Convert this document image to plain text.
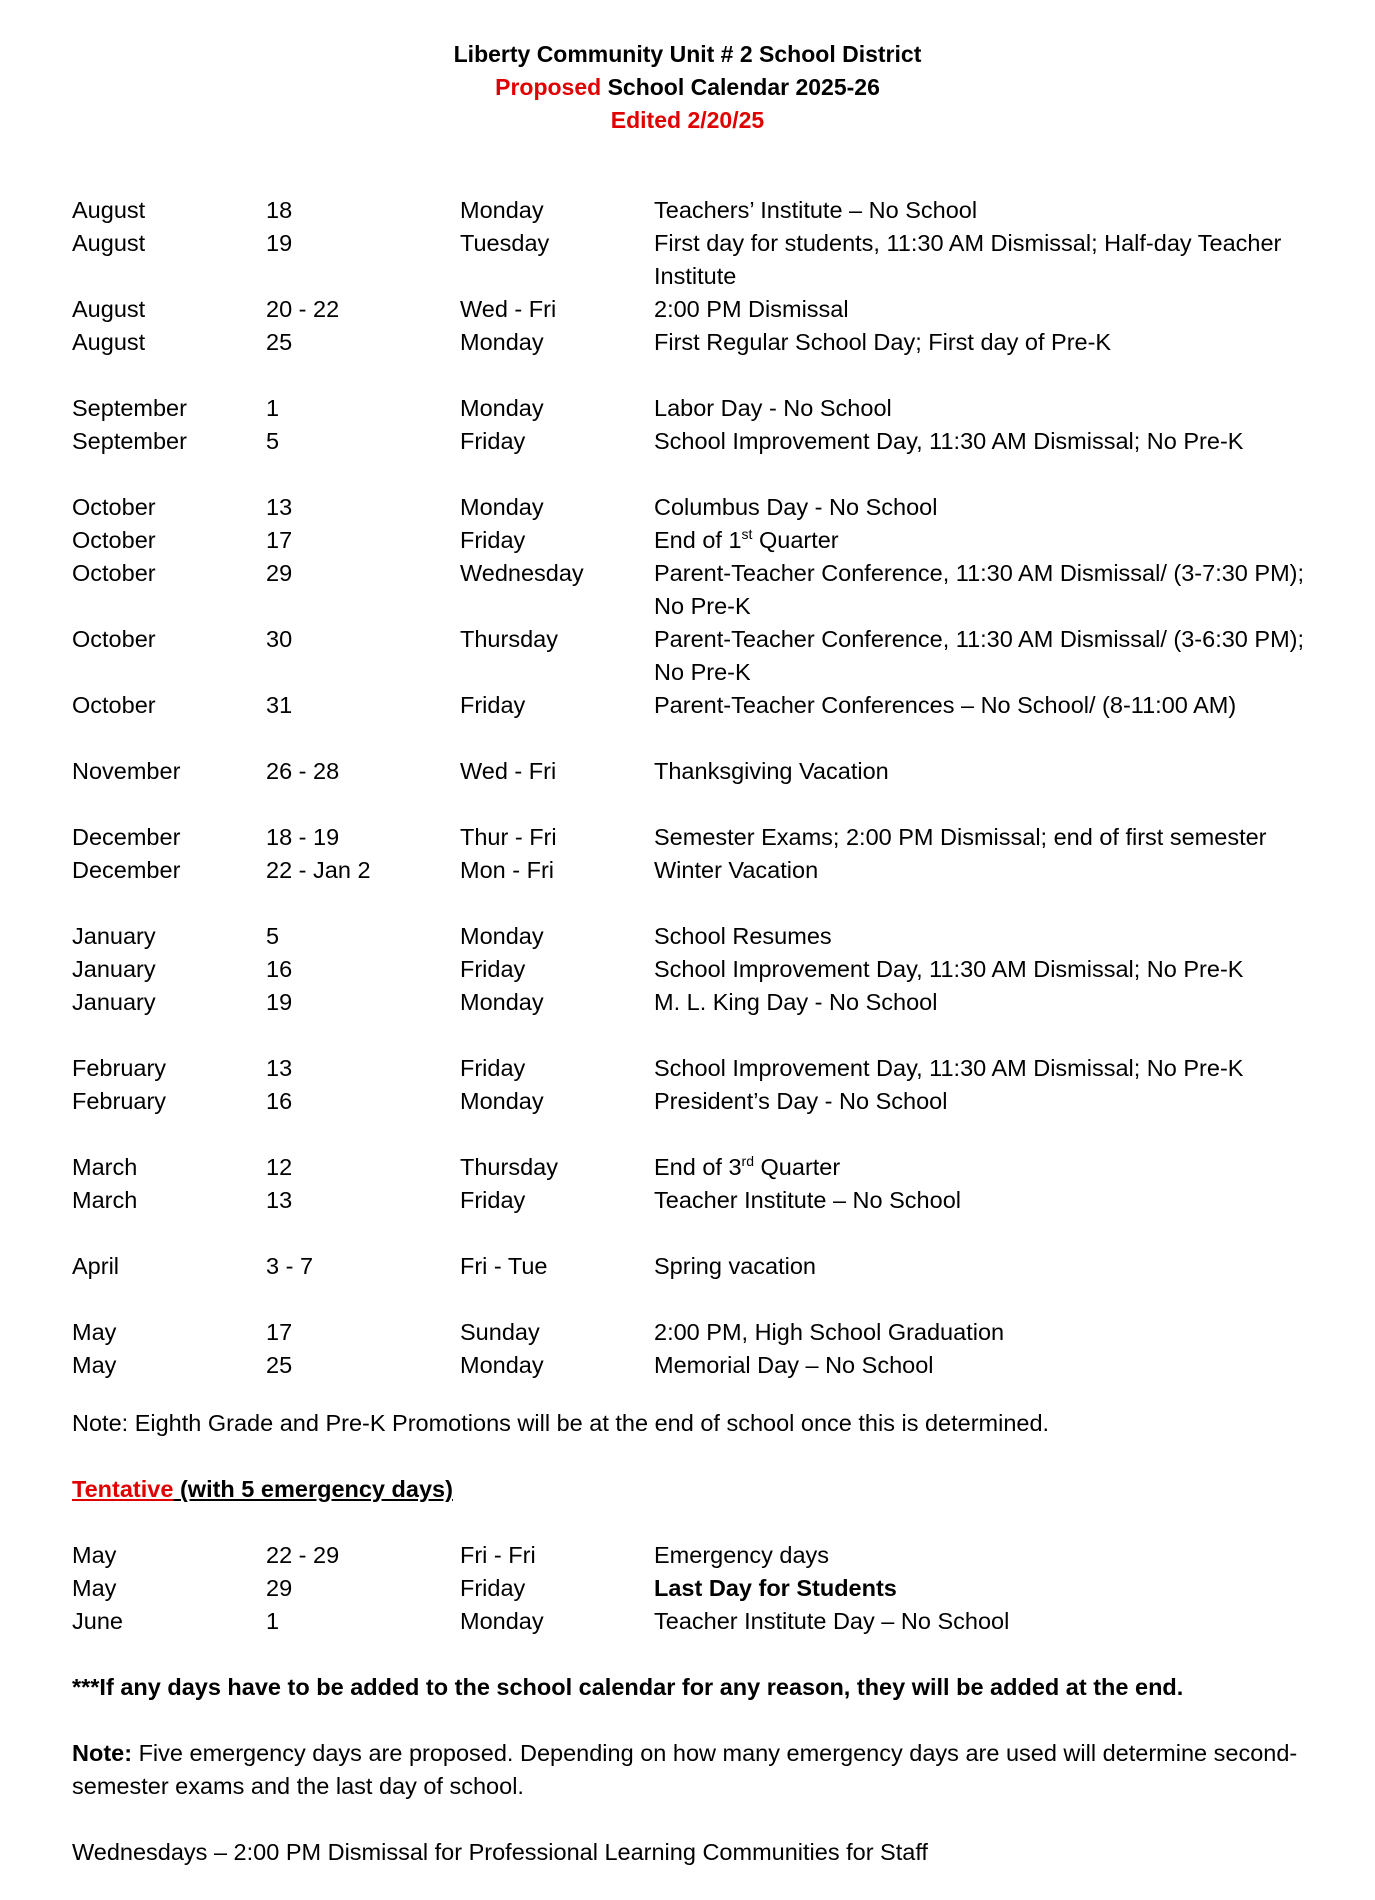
Liberty Community Unit # 2 School District
Proposed School Calendar 2025-26
Edited 2/20/25
August	18	Monday	Teachers’ Institute – No School
August	19	Tuesday	First day for students, 11:30 AM Dismissal; Half-day Teacher Institute
August	20 - 22	Wed - Fri	2:00 PM Dismissal
August	25	Monday	First Regular School Day; First day of Pre-K
September	1	Monday	Labor Day - No School
September	5	Friday	School Improvement Day, 11:30 AM Dismissal; No Pre-K
October	13	Monday	Columbus Day - No School
October	17	Friday	End of 1st Quarter
October	29	Wednesday	Parent-Teacher Conference, 11:30 AM Dismissal/ (3-7:30 PM); No Pre-K
October	30	Thursday	Parent-Teacher Conference, 11:30 AM Dismissal/ (3-6:30 PM); No Pre-K
October	31	Friday	Parent-Teacher Conferences – No School/ (8-11:00 AM)
November	26 - 28	Wed - Fri	Thanksgiving Vacation
December	18 - 19	Thur - Fri	Semester Exams; 2:00 PM Dismissal; end of first semester
December	22 - Jan 2	Mon - Fri	Winter Vacation
January	5	Monday	School Resumes
January	16	Friday	School Improvement Day, 11:30 AM Dismissal; No Pre-K
January	19	Monday	M. L. King Day - No School
February	13	Friday	School Improvement Day, 11:30 AM Dismissal; No Pre-K
February	16	Monday	President’s Day - No School
March	12	Thursday	End of 3rd Quarter
March	13	Friday	Teacher Institute – No School
April	3 - 7	Fri - Tue	Spring vacation
May	17	Sunday	2:00 PM, High School Graduation
May	25	Monday	Memorial Day – No School
Note: Eighth Grade and Pre-K Promotions will be at the end of school once this is determined.
Tentative (with 5 emergency days)
May	22 - 29	Fri - Fri	Emergency days
May	29	Friday	Last Day for Students
June	1	Monday	Teacher Institute Day – No School
***If any days have to be added to the school calendar for any reason, they will be added at the end.
Note: Five emergency days are proposed. Depending on how many emergency days are used will determine second-semester exams and the last day of school.
Wednesdays – 2:00 PM Dismissal for Professional Learning Communities for Staff
